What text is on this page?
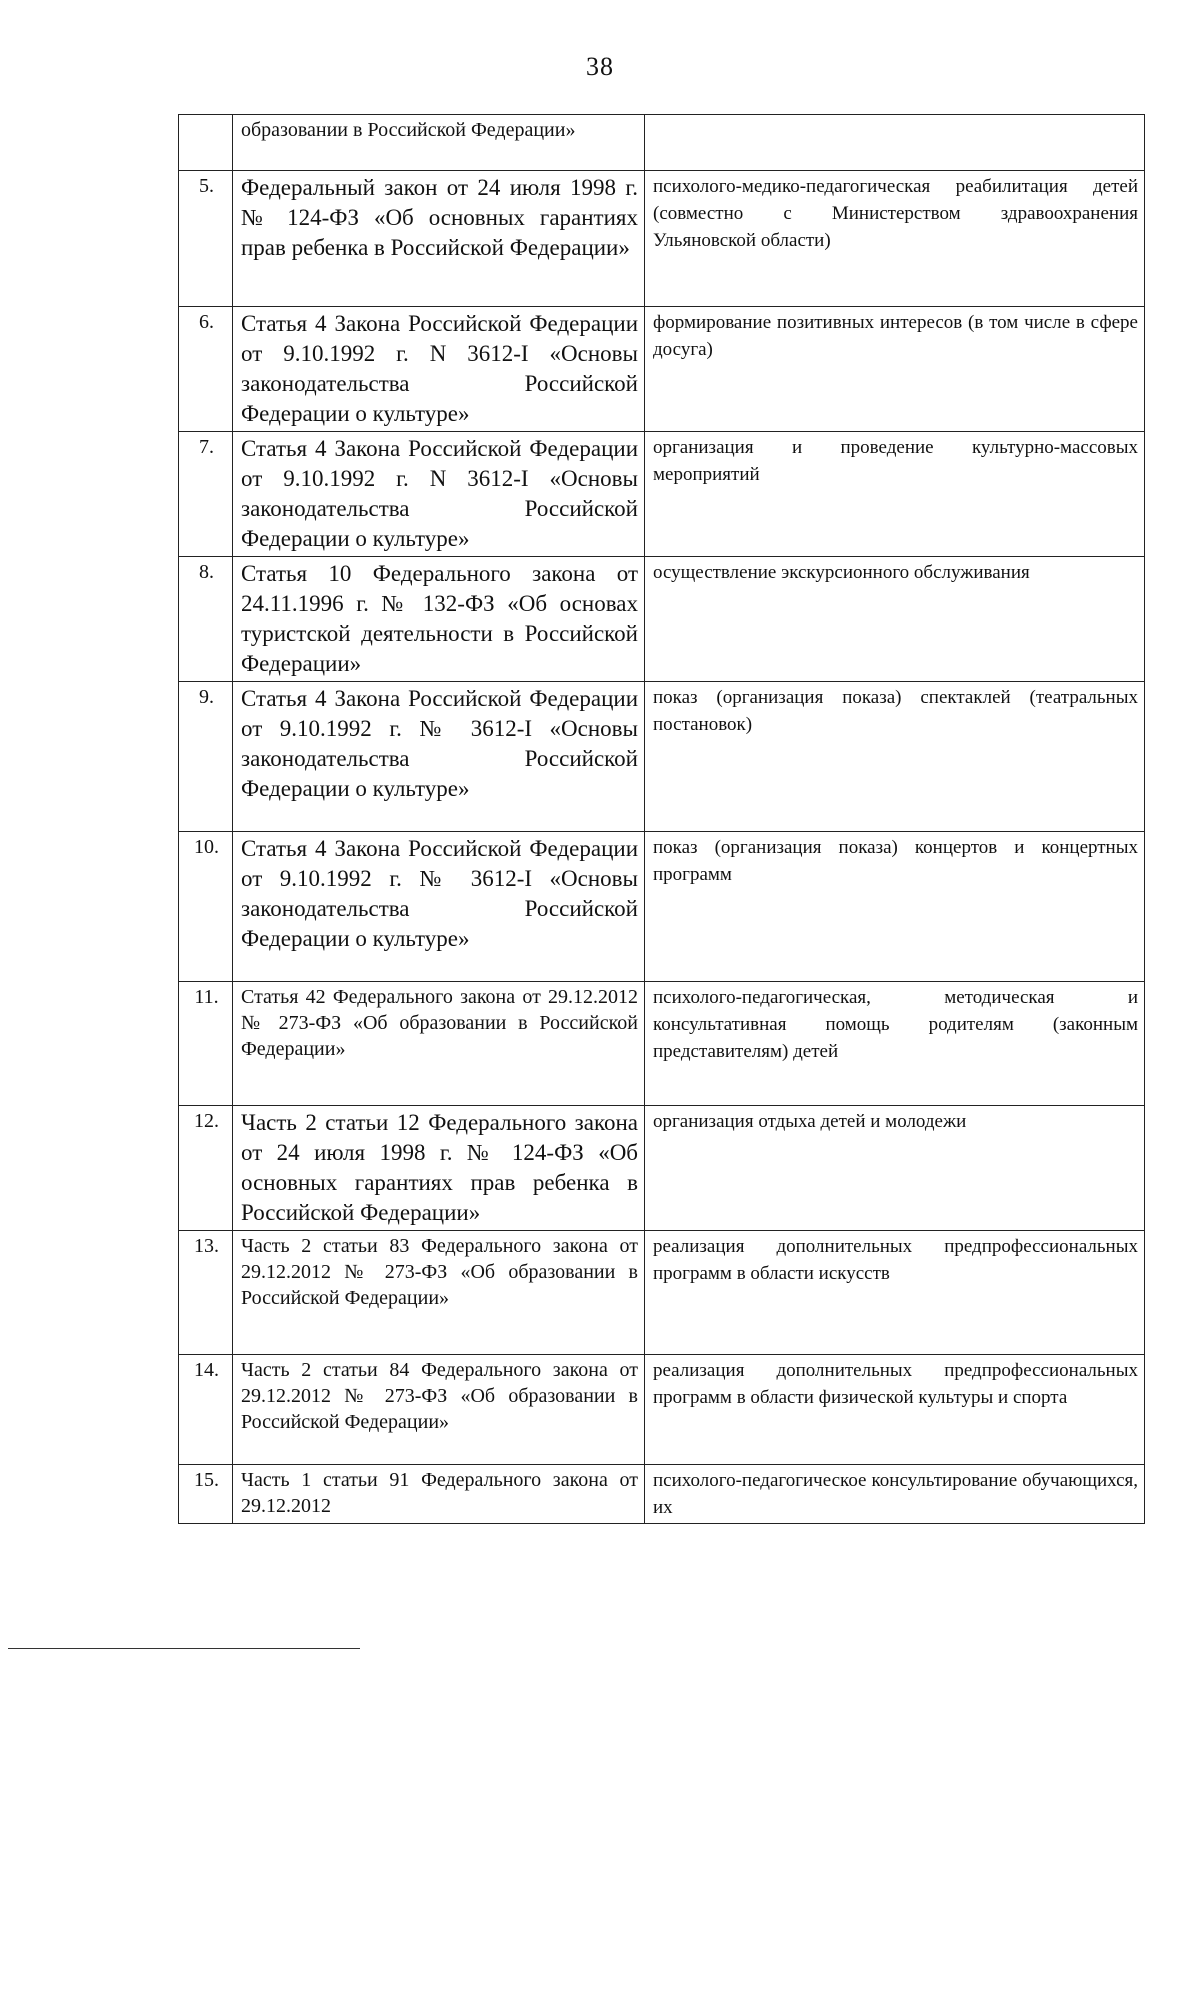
38

	образовании в Российской Федерации»	

5.	Федеральный закон от 24 июля 1998 г. № 124-ФЗ «Об основных гарантиях прав ребенка в Российской Федерации»	психолого-медико-педагогическая реабилитация детей (совместно с Министерством здравоохранения Ульяновской области)

6.	Статья 4 Закона Российской Федерации от 9.10.1992 г. N 3612-I «Основы законодательства Российской Федерации о культуре»	формирование позитивных интересов (в том числе в сфере досуга)

7.	Статья 4 Закона Российской Федерации от 9.10.1992 г. N 3612-I «Основы законодательства Российской Федерации о культуре»	организация и проведение культурно-массовых мероприятий

8.	Статья 10 Федерального закона от 24.11.1996 г. № 132-ФЗ «Об основах туристской деятельности в Российской Федерации»	осуществление экскурсионного обслуживания

9.	Статья 4 Закона Российской Федерации от 9.10.1992 г. № 3612-I «Основы законодательства Российской Федерации о культуре»	показ (организация показа) спектаклей (театральных постановок)

10.	Статья 4 Закона Российской Федерации от 9.10.1992 г. № 3612-I «Основы законодательства Российской Федерации о культуре»	показ (организация показа) концертов и концертных программ

11.	Статья 42 Федерального закона от 29.12.2012 № 273-ФЗ «Об образовании в Российской Федерации»	психолого-педагогическая, методическая и консультативная помощь родителям (законным представителям) детей

12.	Часть 2 статьи 12 Федерального закона от 24 июля 1998 г. № 124-ФЗ «Об основных гарантиях прав ребенка в Российской Федерации»	организация отдыха детей и молодежи

13.	Часть 2 статьи 83 Федерального закона от 29.12.2012 № 273-ФЗ «Об образовании в Российской Федерации»	реализация дополнительных предпрофессиональных программ в области искусств

14.	Часть 2 статьи 84 Федерального закона от 29.12.2012 № 273-ФЗ «Об образовании в Российской Федерации»	реализация дополнительных предпрофессиональных программ в области физической культуры и спорта

15.	Часть 1 статьи 91 Федерального закона от 29.12.2012	психолого-педагогическое консультирование обучающихся, их
